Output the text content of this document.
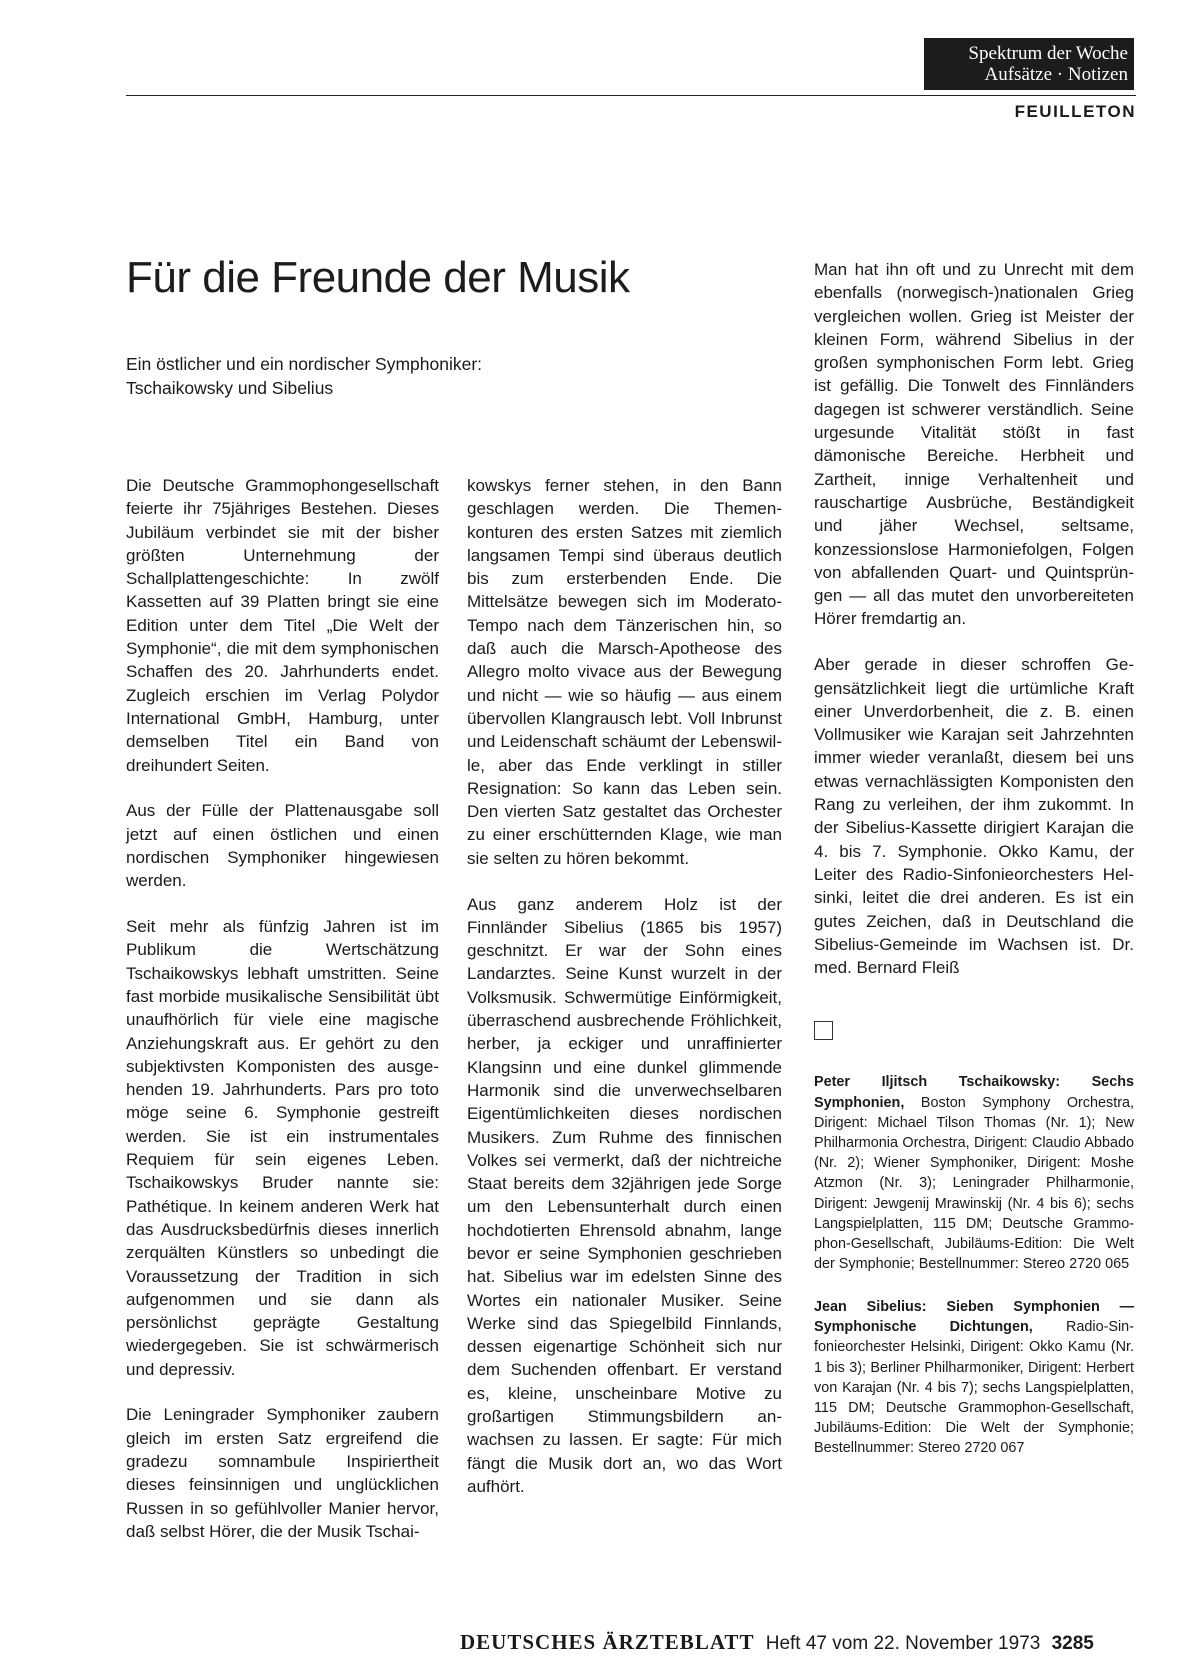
Spektrum der Woche
Aufsätze · Notizen
FEUILLETON
Für die Freunde der Musik
Ein östlicher und ein nordischer Symphoniker:
Tschaikowsky und Sibelius

Die Deutsche Grammophongesellschaft feierte ihr 75jähriges Bestehen. Dieses Jubiläum verbindet sie mit der bisher größten Unternehmung der Schallplattengeschichte: In zwölf Kassetten auf 39 Platten bringt sie eine Edition unter dem Titel „Die Welt der Symphonie“, die mit dem symphonischen Schaffen des 20. Jahrhunderts endet. Zugleich erschien im Verlag Polydor International GmbH, Hamburg, unter demselben Titel ein Band von dreihundert Seiten.

Aus der Fülle der Plattenausgabe soll jetzt auf einen östlichen und einen nordischen Symphoniker hingewiesen werden.

Seit mehr als fünfzig Jahren ist im Publikum die Wertschätzung Tschaikowskys lebhaft umstritten. Seine fast morbide musikalische Sensibilität übt unaufhörlich für viele eine magische Anziehungskraft aus. Er gehört zu den subjektivsten Komponisten des ausgehenden 19. Jahrhunderts. Pars pro toto möge seine 6. Symphonie gestreift werden. Sie ist ein instrumentales Requiem für sein eigenes Leben. Tschaikowskys Bruder nannte sie: Pathétique. In keinem anderen Werk hat das Ausdrucksbedürfnis dieses innerlich zerquälten Künstlers so unbedingt die Voraussetzung der Tradition in sich aufgenommen und sie dann als persönlichst geprägte Gestaltung wiedergegeben. Sie ist schwärmerisch und depressiv.

Die Leningrader Symphoniker zaubern gleich im ersten Satz ergreifend die gradezu somnambule Inspiriertheit dieses feinsinnigen und unglücklichen Russen in so gefühlvoller Manier hervor, daß selbst Hörer, die der Musik Tschai-

kowskys ferner stehen, in den Bann geschlagen werden. Die Themenkonturen des ersten Satzes mit ziemlich langsamen Tempi sind überaus deutlich bis zum ersterbenden Ende. Die Mittelsätze bewegen sich im Moderato-Tempo nach dem Tänzerischen hin, so daß auch die Marsch-Apotheose des Allegro molto vivace aus der Bewegung und nicht — wie so häufig — aus einem übervollen Klangrausch lebt. Voll Inbrunst und Leidenschaft schäumt der Lebenswille, aber das Ende verklingt in stiller Resignation: So kann das Leben sein. Den vierten Satz gestaltet das Orchester zu einer erschütternden Klage, wie man sie selten zu hören bekommt.

Aus ganz anderem Holz ist der Finnländer Sibelius (1865 bis 1957) geschnitzt. Er war der Sohn eines Landarztes. Seine Kunst wurzelt in der Volksmusik. Schwermütige Einförmigkeit, überraschend ausbrechende Fröhlichkeit, herber, ja eckiger und unraffinierter Klangsinn und eine dunkel glimmende Harmonik sind die unverwechselbaren Eigentümlichkeiten dieses nordischen Musikers. Zum Ruhme des finnischen Volkes sei vermerkt, daß der nichtreiche Staat bereits dem 32jährigen jede Sorge um den Lebensunterhalt durch einen hochdotierten Ehrensold abnahm, lange bevor er seine Symphonien geschrieben hat. Sibelius war im edelsten Sinne des Wortes ein nationaler Musiker. Seine Werke sind das Spiegelbild Finnlands, dessen eigenartige Schönheit sich nur dem Suchenden offenbart. Er verstand es, kleine, unscheinbare Motive zu großartigen Stimmungsbildern anwachsen zu lassen. Er sagte: Für mich fängt die Musik dort an, wo das Wort aufhört.

Man hat ihn oft und zu Unrecht mit dem ebenfalls (norwegisch-)nationalen Grieg vergleichen wollen. Grieg ist Meister der kleinen Form, während Sibelius in der großen symphonischen Form lebt. Grieg ist gefällig. Die Tonwelt des Finnländers dagegen ist schwerer verständlich. Seine urgesunde Vitalität stößt in fast dämonische Bereiche. Herbheit und Zartheit, innige Verhaltenheit und rauschartige Ausbrüche, Beständigkeit und jäher Wechsel, seltsame, konzessionslose Harmoniefolgen, Folgen von abfallenden Quart- und Quintsprüngen — all das mutet den unvorbereiteten Hörer fremdartig an.

Aber gerade in dieser schroffen Gegensätzlichkeit liegt die urtümliche Kraft einer Unverdorbenheit, die z. B. einen Vollmusiker wie Karajan seit Jahrzehnten immer wieder veranlaßt, diesem bei uns etwas vernachlässigten Komponisten den Rang zu verleihen, der ihm zukommt. In der Sibelius-Kassette dirigiert Karajan die 4. bis 7. Symphonie. Okko Kamu, der Leiter des Radio-Sinfonieorchesters Helsinki, leitet die drei anderen. Es ist ein gutes Zeichen, daß in Deutschland die Sibelius-Gemeinde im Wachsen ist. Dr. med. Bernard Fleiß

Peter Iljitsch Tschaikowsky: Sechs Symphonien, Boston Symphony Orchestra, Dirigent: Michael Tilson Thomas (Nr. 1); New Philharmonia Orchestra, Dirigent: Claudio Abbado (Nr. 2); Wiener Symphoniker, Dirigent: Moshe Atzmon (Nr. 3); Leningrader Philharmonie, Dirigent: Jewgenij Mrawinskij (Nr. 4 bis 6); sechs Langspielplatten, 115 DM; Deutsche Grammophon-Gesellschaft, Jubiläums-Edition: Die Welt der Symphonie; Bestellnummer: Stereo 2720 065

Jean Sibelius: Sieben Symphonien — Symphonische Dichtungen, Radio-Sinfonieorchester Helsinki, Dirigent: Okko Kamu (Nr. 1 bis 3); Berliner Philharmoniker, Dirigent: Herbert von Karajan (Nr. 4 bis 7); sechs Langspielplatten, 115 DM; Deutsche Grammophon-Gesellschaft, Jubiläums-Edition: Die Welt der Symphonie; Bestellnummer: Stereo 2720 067

DEUTSCHES ÄRZTEBLATT Heft 47 vom 22. November 1973 3285
